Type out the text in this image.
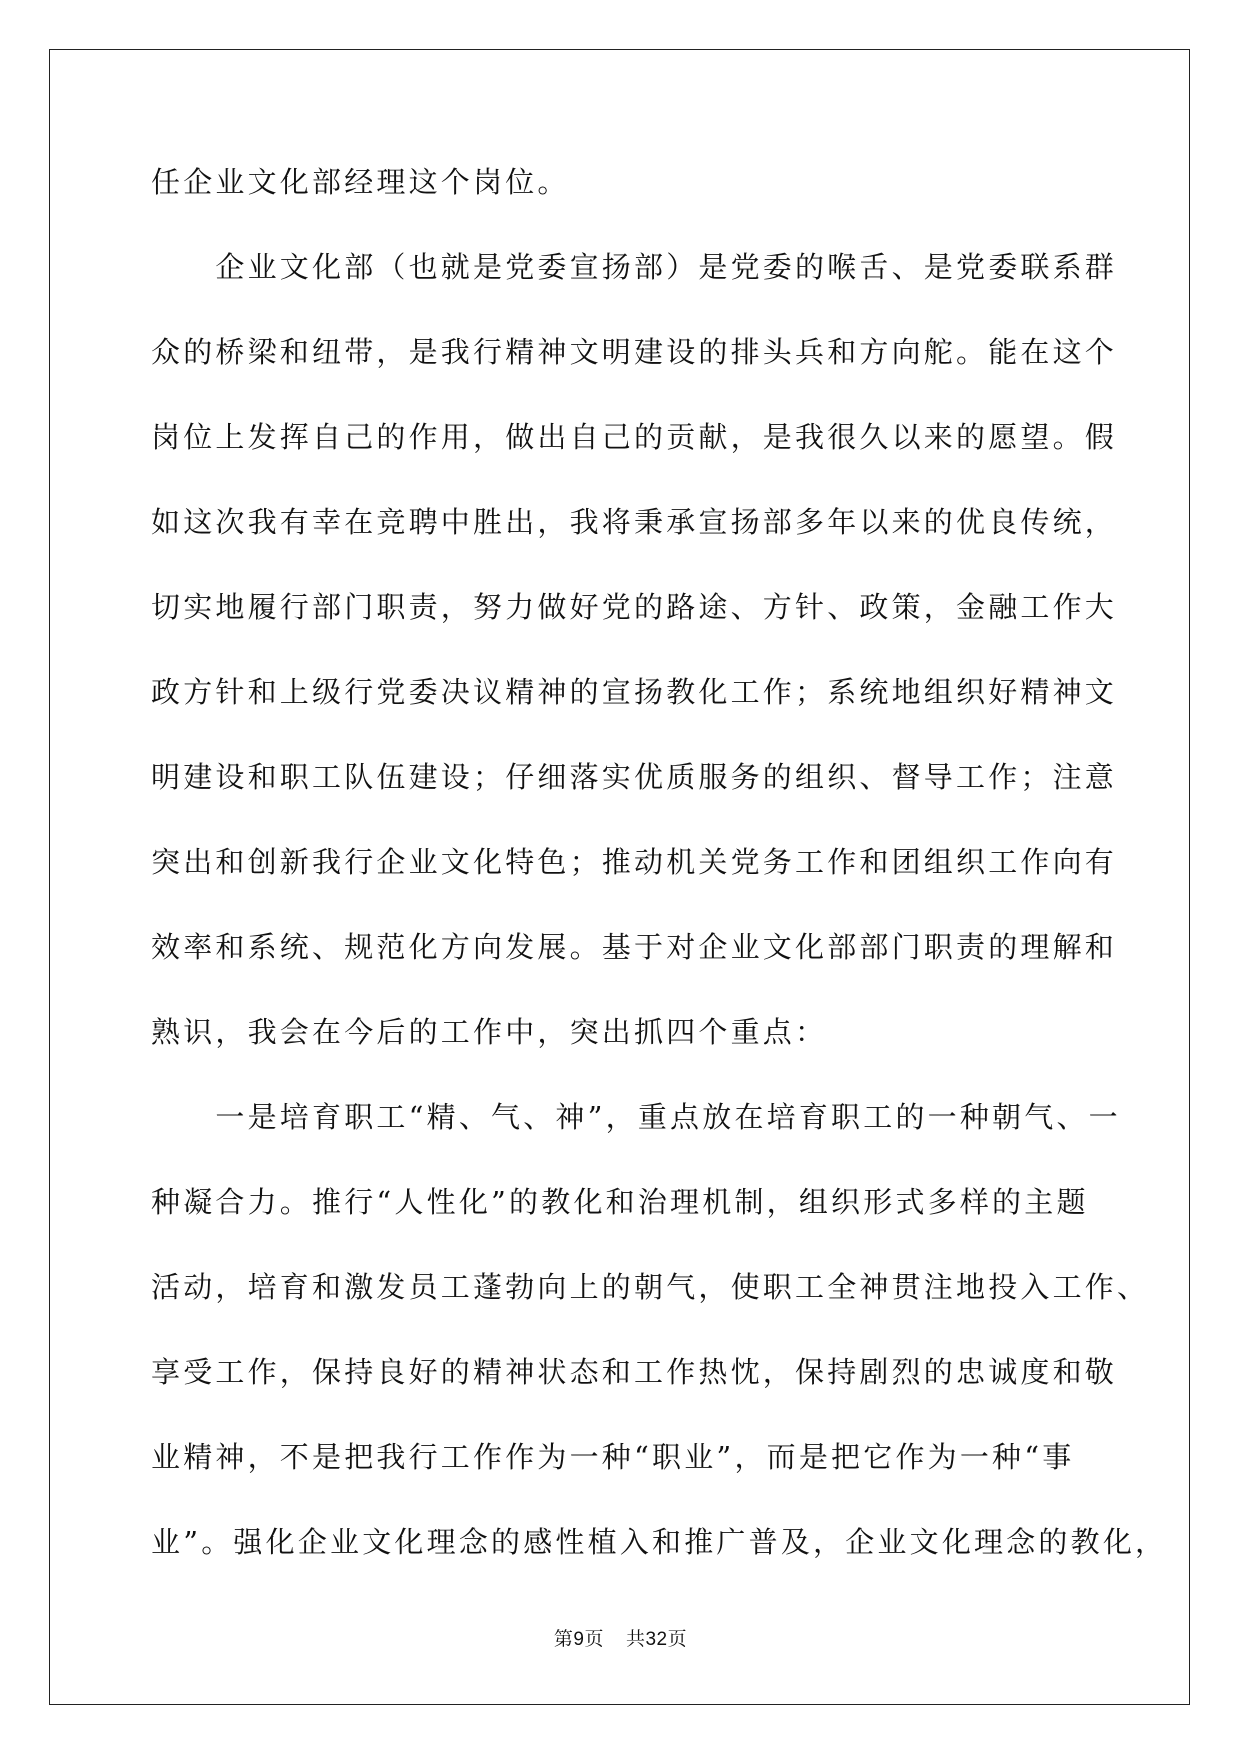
任企业文化部经理这个岗位。
　　企业文化部（也就是党委宣扬部）是党委的喉舌、是党委联系群
众的桥梁和纽带，是我行精神文明建设的排头兵和方向舵。能在这个
岗位上发挥自己的作用，做出自己的贡献，是我很久以来的愿望。假
如这次我有幸在竞聘中胜出，我将秉承宣扬部多年以来的优良传统，
切实地履行部门职责，努力做好党的路途、方针、政策，金融工作大
政方针和上级行党委决议精神的宣扬教化工作；系统地组织好精神文
明建设和职工队伍建设；仔细落实优质服务的组织、督导工作；注意
突出和创新我行企业文化特色；推动机关党务工作和团组织工作向有
效率和系统、规范化方向发展。基于对企业文化部部门职责的理解和
熟识，我会在今后的工作中，突出抓四个重点：
　　一是培育职工“精、气、神”，重点放在培育职工的一种朝气、一
种凝合力。推行“人性化”的教化和治理机制，组织形式多样的主题
活动，培育和激发员工蓬勃向上的朝气，使职工全神贯注地投入工作、
享受工作，保持良好的精神状态和工作热忱，保持剧烈的忠诚度和敬
业精神，不是把我行工作作为一种“职业”，而是把它作为一种“事
业”。强化企业文化理念的感性植入和推广普及，企业文化理念的教化，
第9页 共32页
